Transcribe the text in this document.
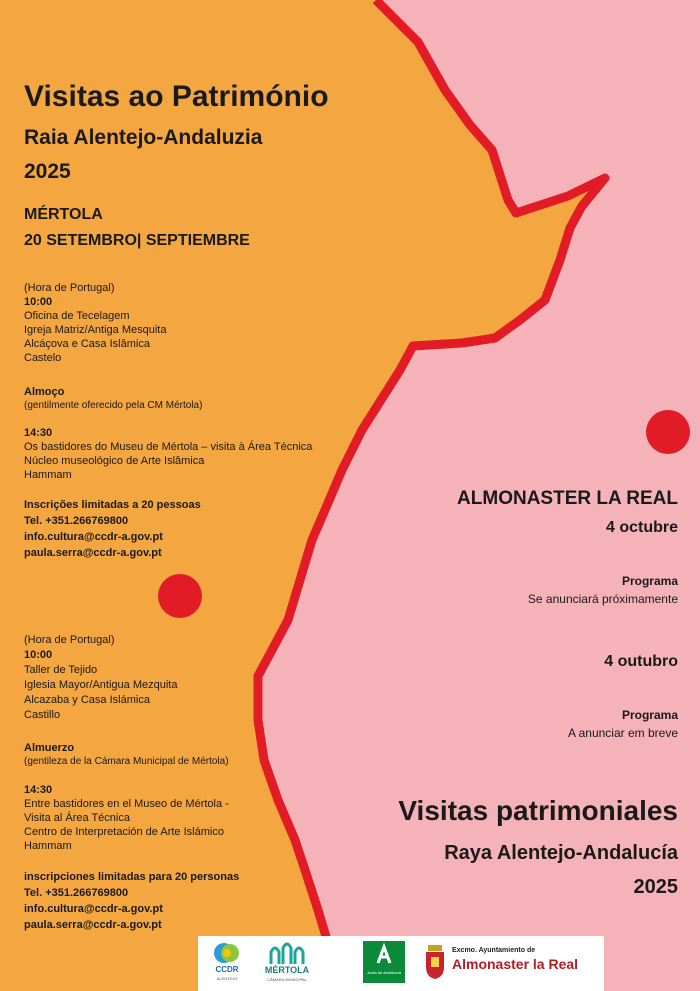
Visitas ao Património
Raia Alentejo-Andaluzia
2025
MÉRTOLA
20 SETEMBRO| SEPTIEMBRE
(Hora de Portugal)
10:00
Oficina de Tecelagem
Igreja Matriz/Antiga Mesquita
Alcáçova e Casa Islâmica
Castelo
Almoço
(gentilmente oferecido pela CM Mértola)
14:30
Os bastidores do Museu de Mértola – visita à Área Técnica
Núcleo museológico de Arte Islâmica
Hammam
Inscrições limitadas a 20 pessoas
Tel. +351.266769800
info.cultura@ccdr-a.gov.pt
paula.serra@ccdr-a.gov.pt
(Hora de Portugal)
10:00
Taller de Tejido
Iglesia Mayor/Antigua Mezquita
Alcazaba y Casa Islámica
Castillo
Almuerzo
(gentileza de la Cámara Municipal de Mértola)
14:30
Entre bastidores en el Museo de Mértola -
Visita al Área Técnica
Centro de Interpretación de Arte Islámico
Hammam
inscripciones limitadas para 20 personas
Tel. +351.266769800
info.cultura@ccdr-a.gov.pt
paula.serra@ccdr-a.gov.pt
ALMONASTER LA REAL
4 octubre
Programa
Se anunciará próximamente
4 outubro
Programa
A anunciar em breve
Visitas patrimoniales
Raya Alentejo-Andalucía
2025
CCDR
ALENTEJO
MÉRTOLA
CÂMARA MUNICIPAL
Junta de Andalucía
Excmo. Ayuntamiento de
Almonaster la Real
